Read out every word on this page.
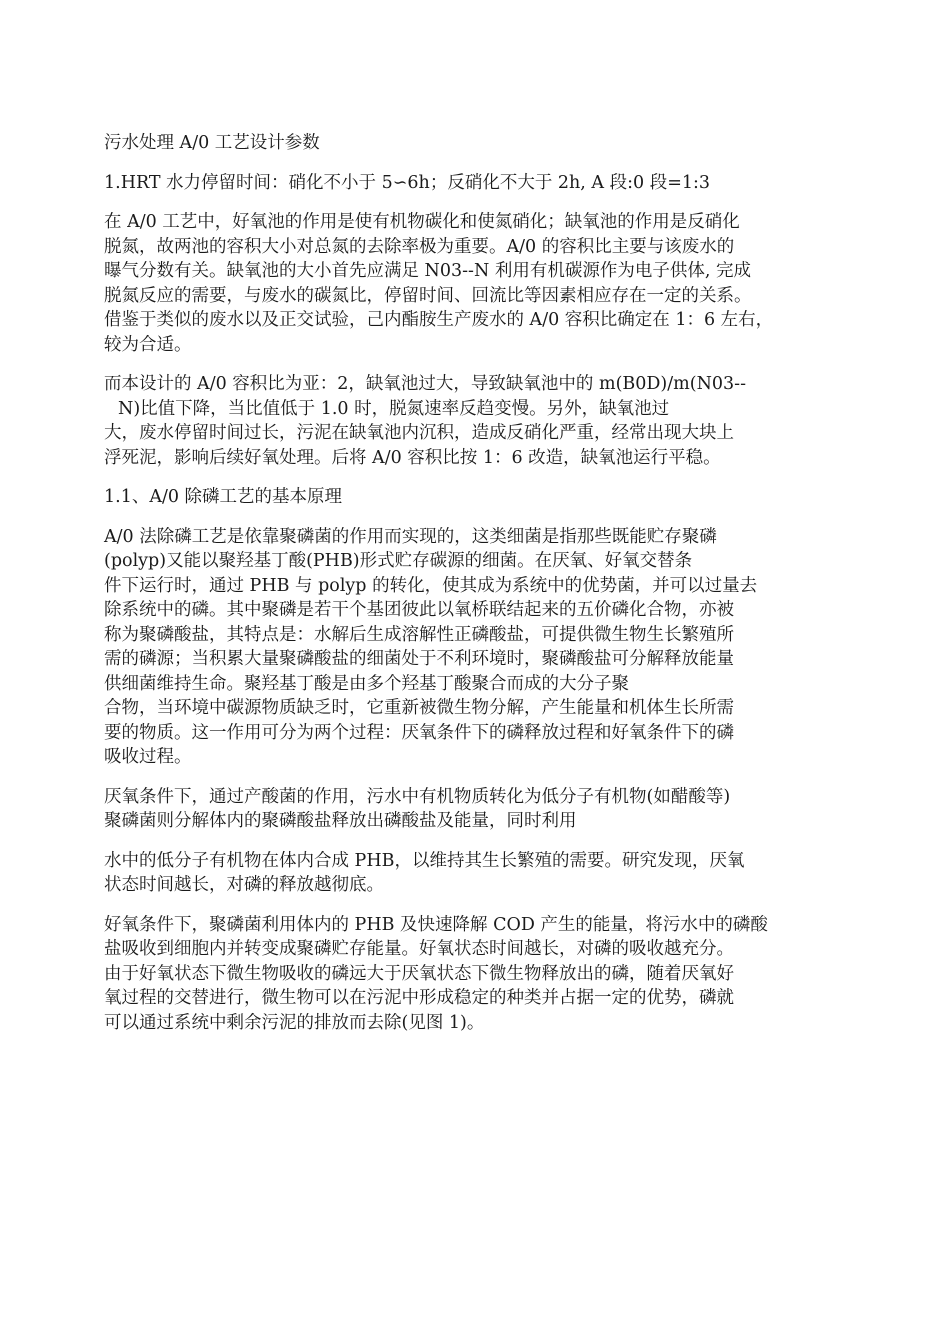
污水处理 A/0 工艺设计参数

1.HRT 水力停留时间：硝化不小于 5∽6h；反硝化不大于 2h, A 段:0 段=1:3

在 A/0 工艺中，好氧池的作用是使有机物碳化和使氮硝化；缺氧池的作用是反硝化
脱氮，故两池的容积大小对总氮的去除率极为重要。A/0 的容积比主要与该废水的
曝气分数有关。缺氧池的大小首先应满足 N03--N 利用有机碳源作为电子供体, 完成
脱氮反应的需要，与废水的碳氮比，停留时间、回流比等因素相应存在一定的关系。
借鉴于类似的废水以及正交试验，己内酯胺生产废水的 A/0 容积比确定在 1：6 左右，
较为合适。

而本设计的 A/0 容积比为亚：2，缺氧池过大，导致缺氧池中的 m(B0D)/m(N03--
N)比值下降，当比值低于 1.0 时，脱氮速率反趋变慢。另外，缺氧池过
大，废水停留时间过长，污泥在缺氧池内沉积，造成反硝化严重，经常出现大块上
浮死泥，影响后续好氧处理。后将 A/0 容积比按 1：6 改造，缺氧池运行平稳。

1.1、A/0 除磷工艺的基本原理

A/0 法除磷工艺是依靠聚磷菌的作用而实现的，这类细菌是指那些既能贮存聚磷
(polyp)又能以聚羟基丁酸(PHB)形式贮存碳源的细菌。在厌氧、好氧交替条
件下运行时，通过 PHB 与 polyp 的转化，使其成为系统中的优势菌，并可以过量去
除系统中的磷。其中聚磷是若干个基团彼此以氧桥联结起来的五价磷化合物，亦被
称为聚磷酸盐，其特点是：水解后生成溶解性正磷酸盐，可提供微生物生长繁殖所
需的磷源；当积累大量聚磷酸盐的细菌处于不利环境时，聚磷酸盐可分解释放能量
供细菌维持生命。聚羟基丁酸是由多个羟基丁酸聚合而成的大分子聚
合物，当环境中碳源物质缺乏时，它重新被微生物分解，产生能量和机体生长所需
要的物质。这一作用可分为两个过程：厌氧条件下的磷释放过程和好氧条件下的磷
吸收过程。

厌氧条件下，通过产酸菌的作用，污水中有机物质转化为低分子有机物(如醋酸等)
聚磷菌则分解体内的聚磷酸盐释放出磷酸盐及能量，同时利用

水中的低分子有机物在体内合成 PHB，以维持其生长繁殖的需要。研究发现，厌氧
状态时间越长，对磷的释放越彻底。

好氧条件下，聚磷菌利用体内的 PHB 及快速降解 COD 产生的能量，将污水中的磷酸
盐吸收到细胞内并转变成聚磷贮存能量。好氧状态时间越长，对磷的吸收越充分。
由于好氧状态下微生物吸收的磷远大于厌氧状态下微生物释放出的磷，随着厌氧好
氧过程的交替进行，微生物可以在污泥中形成稳定的种类并占据一定的优势，磷就
可以通过系统中剩余污泥的排放而去除(见图 1)。
